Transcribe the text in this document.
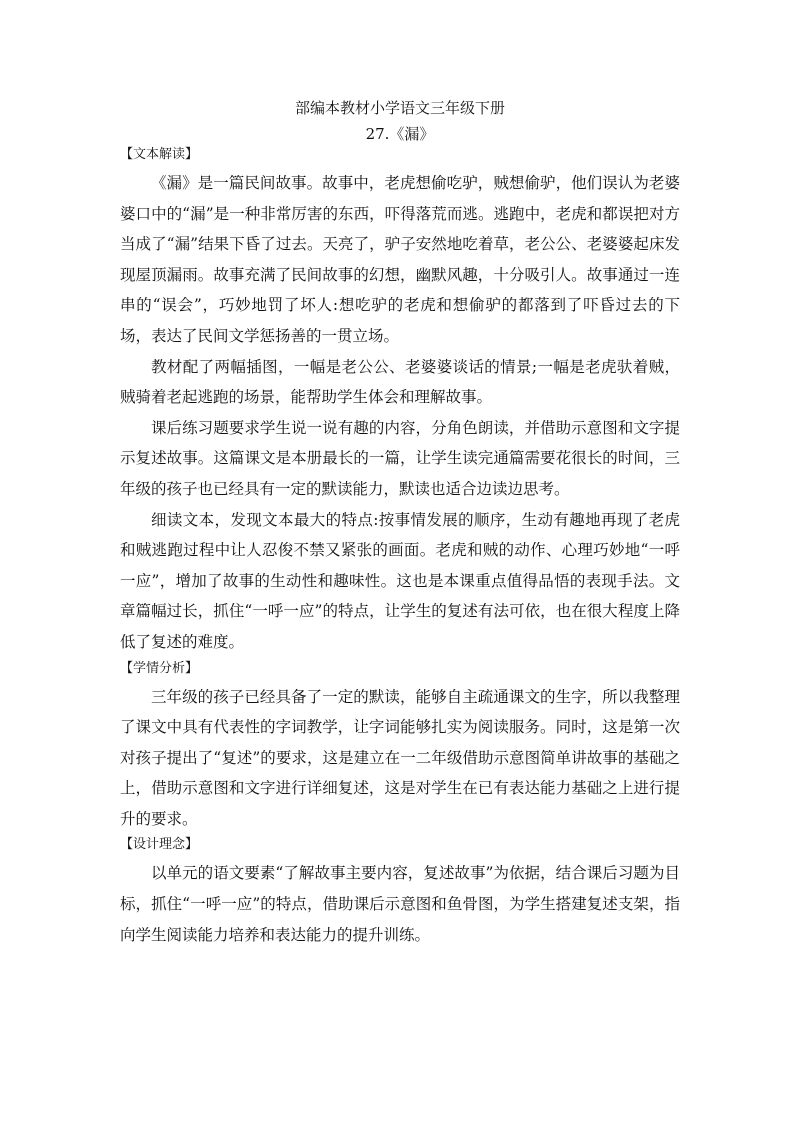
部编本教材小学语文三年级下册
27.《漏》
【文本解读】

《漏》是一篇民间故事。故事中，老虎想偷吃驴，贼想偷驴，他们误认为老婆婆口中的“漏”是一种非常厉害的东西，吓得落荒而逃。逃跑中，老虎和都误把对方当成了“漏”结果下昏了过去。天亮了，驴子安然地吃着草，老公公、老婆婆起床发现屋顶漏雨。故事充满了民间故事的幻想，幽默风趣，十分吸引人。故事通过一连串的“误会”，巧妙地罚了坏人:想吃驴的老虎和想偷驴的都落到了吓昏过去的下场，表达了民间文学惩扬善的一贯立场。

教材配了两幅插图，一幅是老公公、老婆婆谈话的情景;一幅是老虎驮着贼，贼骑着老起逃跑的场景，能帮助学生体会和理解故事。

课后练习题要求学生说一说有趣的内容，分角色朗读，并借助示意图和文字提示复述故事。这篇课文是本册最长的一篇，让学生读完通篇需要花很长的时间，三年级的孩子也已经具有一定的默读能力，默读也适合边读边思考。

细读文本，发现文本最大的特点:按事情发展的顺序，生动有趣地再现了老虎和贼逃跑过程中让人忍俊不禁又紧张的画面。老虎和贼的动作、心理巧妙地“一呼一应”，增加了故事的生动性和趣味性。这也是本课重点值得品悟的表现手法。文章篇幅过长，抓住“一呼一应”的特点，让学生的复述有法可依，也在很大程度上降低了复述的难度。

【学情分析】

三年级的孩子已经具备了一定的默读，能够自主疏通课文的生字，所以我整理了课文中具有代表性的字词教学，让字词能够扎实为阅读服务。同时，这是第一次对孩子提出了“复述”的要求，这是建立在一二年级借助示意图简单讲故事的基础之上，借助示意图和文字进行详细复述，这是对学生在已有表达能力基础之上进行提升的要求。

【设计理念】

以单元的语文要素“了解故事主要内容，复述故事”为依据，结合课后习题为目标，抓住“一呼一应”的特点，借助课后示意图和鱼骨图，为学生搭建复述支架，指向学生阅读能力培养和表达能力的提升训练。
